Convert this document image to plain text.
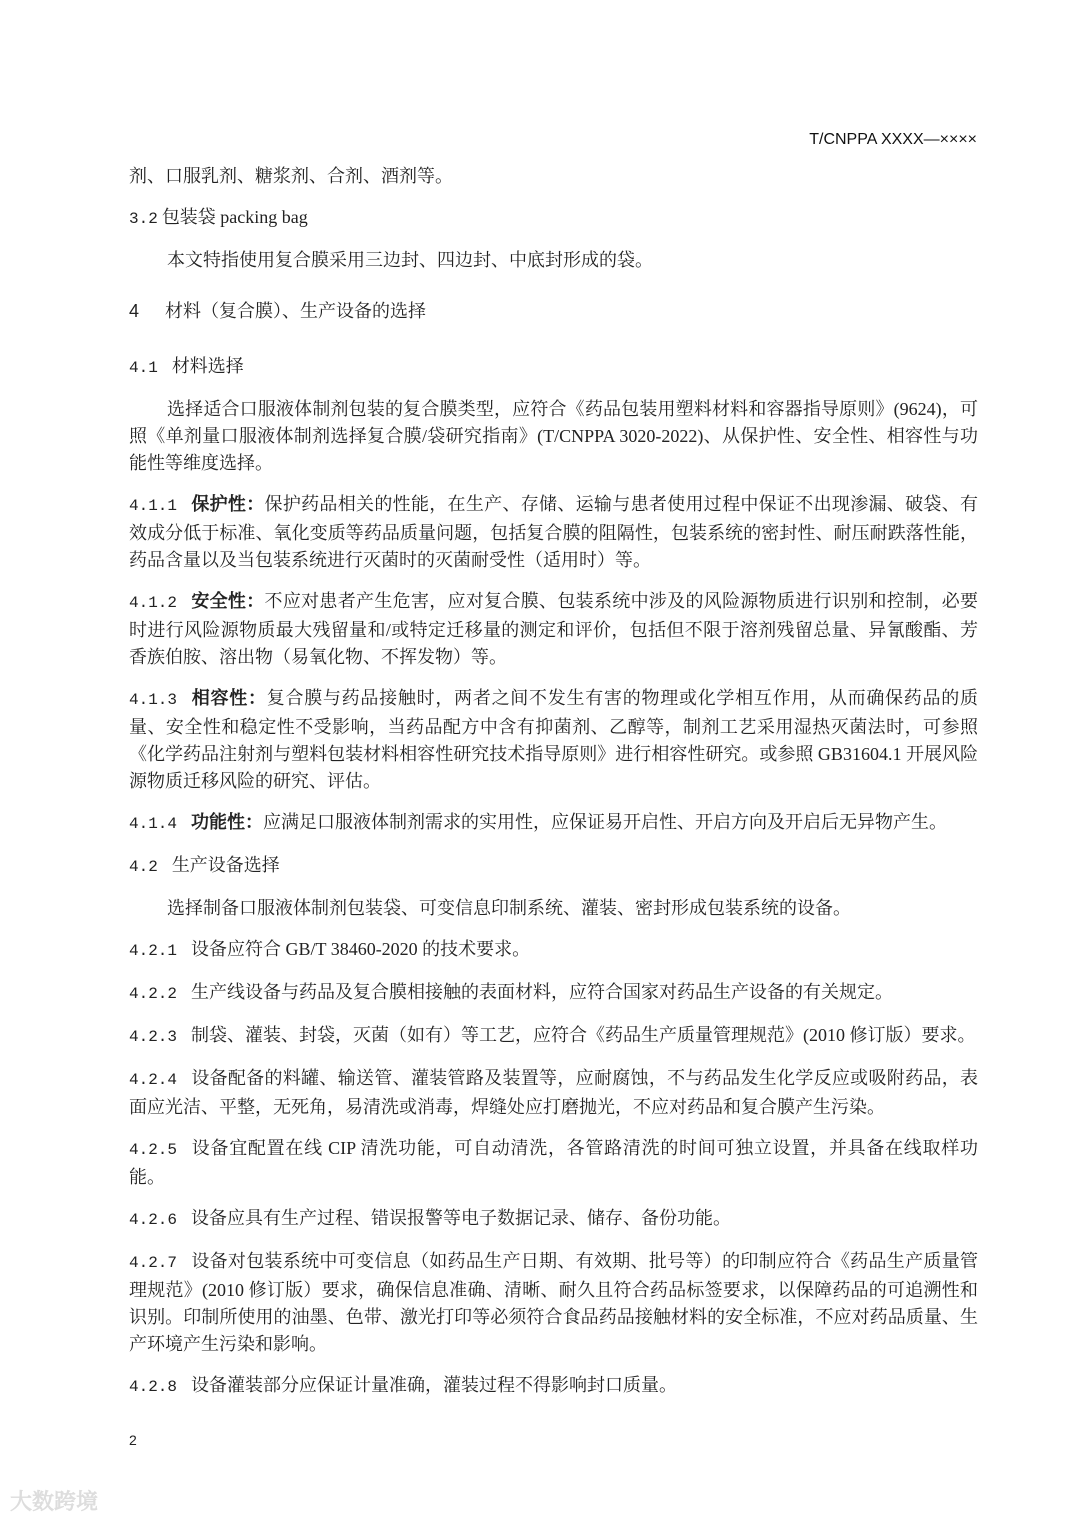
T/CNPPA XXXX—××××
剂、口服乳剂、糖浆剂、合剂、酒剂等。
3.2 包装袋 packing bag
本文特指使用复合膜采用三边封、四边封、中底封形成的袋。
4 材料（复合膜）、生产设备的选择
4.1 材料选择
选择适合口服液体制剂包装的复合膜类型，应符合《药品包装用塑料材料和容器指导原则》(9624)，可照《单剂量口服液体制剂选择复合膜/袋研究指南》(T/CNPPA 3020-2022)、从保护性、安全性、相容性与功能性等维度选择。
4.1.1 保护性：保护药品相关的性能，在生产、存储、运输与患者使用过程中保证不出现渗漏、破袋、有效成分低于标准、氧化变质等药品质量问题，包括复合膜的阻隔性，包装系统的密封性、耐压耐跌落性能，药品含量以及当包装系统进行灭菌时的灭菌耐受性（适用时）等。
4.1.2 安全性：不应对患者产生危害，应对复合膜、包装系统中涉及的风险源物质进行识别和控制，必要时进行风险源物质最大残留量和/或特定迁移量的测定和评价，包括但不限于溶剂残留总量、异氰酸酯、芳香族伯胺、溶出物（易氧化物、不挥发物）等。
4.1.3 相容性：复合膜与药品接触时，两者之间不发生有害的物理或化学相互作用，从而确保药品的质量、安全性和稳定性不受影响，当药品配方中含有抑菌剂、乙醇等，制剂工艺采用湿热灭菌法时，可参照《化学药品注射剂与塑料包装材料相容性研究技术指导原则》进行相容性研究。或参照 GB31604.1 开展风险源物质迁移风险的研究、评估。
4.1.4 功能性：应满足口服液体制剂需求的实用性，应保证易开启性、开启方向及开启后无异物产生。
4.2 生产设备选择
选择制备口服液体制剂包装袋、可变信息印制系统、灌装、密封形成包装系统的设备。
4.2.1 设备应符合 GB/T 38460-2020 的技术要求。
4.2.2 生产线设备与药品及复合膜相接触的表面材料，应符合国家对药品生产设备的有关规定。
4.2.3 制袋、灌装、封袋，灭菌（如有）等工艺，应符合《药品生产质量管理规范》(2010 修订版）要求。
4.2.4 设备配备的料罐、输送管、灌装管路及装置等，应耐腐蚀，不与药品发生化学反应或吸附药品，表面应光洁、平整，无死角，易清洗或消毒，焊缝处应打磨抛光，不应对药品和复合膜产生污染。
4.2.5 设备宜配置在线 CIP 清洗功能，可自动清洗，各管路清洗的时间可独立设置，并具备在线取样功能。
4.2.6 设备应具有生产过程、错误报警等电子数据记录、储存、备份功能。
4.2.7 设备对包装系统中可变信息（如药品生产日期、有效期、批号等）的印制应符合《药品生产质量管理规范》(2010 修订版）要求，确保信息准确、清晰、耐久且符合药品标签要求，以保障药品的可追溯性和识别。印制所使用的油墨、色带、激光打印等必须符合食品药品接触材料的安全标准，不应对药品质量、生产环境产生污染和影响。
4.2.8 设备灌装部分应保证计量准确，灌装过程不得影响封口质量。
2
大数跨境
